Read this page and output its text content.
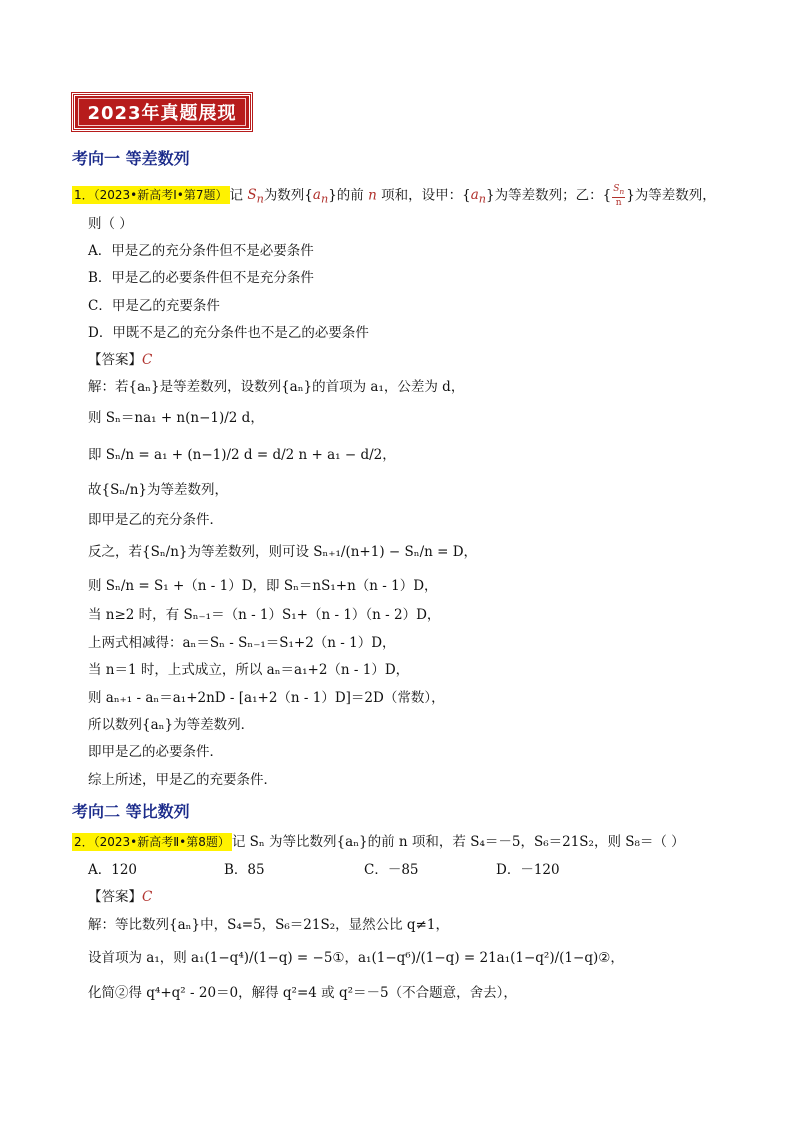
2023年真题展现
考向一 等差数列
1．（2023•新高考Ⅰ•第7题） 记 $S_n$为数列$\{a_n\}$的前 n 项和，设甲：$\{a_n\}$为等差数列；乙：{ $\frac{S_n}{n}$ }为等差数列，
则（ ）
A．甲是乙的充分条件但不是必要条件
B．甲是乙的必要条件但不是充分条件
C．甲是乙的充要条件
D．甲既不是乙的充分条件也不是乙的必要条件
【答案】C
解：若{aₙ}是等差数列，设数列{aₙ}的首项为 a₁，公差为 d，
则 Sₙ＝na₁ + n(n−1)/2 d，
即 Sₙ/n = a₁ + (n−1)/2 d = d/2 n + a₁ − d/2，
故{Sₙ/n}为等差数列，
即甲是乙的充分条件．
反之，若{Sₙ/n}为等差数列，则可设 Sₙ₊₁/(n+1) − Sₙ/n = D，
则 Sₙ/n = S₁ +（n - 1）D，即 Sₙ＝nS₁+n（n - 1）D，
当 n≥2 时，有 Sₙ₋₁＝（n - 1）S₁+（n - 1）（n - 2）D，
上两式相减得：aₙ＝Sₙ - Sₙ₋₁＝S₁+2（n - 1）D，
当 n＝1 时，上式成立，所以 aₙ＝a₁+2（n - 1）D，
则 aₙ₊₁ - aₙ＝a₁+2nD - [a₁+2（n - 1）D]＝2D（常数），
所以数列{aₙ}为等差数列．
即甲是乙的必要条件．
综上所述，甲是乙的充要条件．
考向二 等比数列
2．（2023•新高考Ⅱ•第8题） 记 Sₙ 为等比数列{aₙ}的前 n 项和，若 S₄＝－5，S₆＝21S₂，则 S₈＝（ ）
A．120	B．85	C．－85	D．－120
【答案】C
解：等比数列{aₙ}中，S₄=5，S₆＝21S₂，显然公比 q≠1，
设首项为 a₁，则 a₁(1−q⁴)/(1−q) = −5①，a₁(1−q⁶)/(1−q) = 21a₁(1−q²)/(1−q)②，
化简②得 q⁴+q² - 20＝0，解得 q²=4 或 q²＝－5（不合题意，舍去），
